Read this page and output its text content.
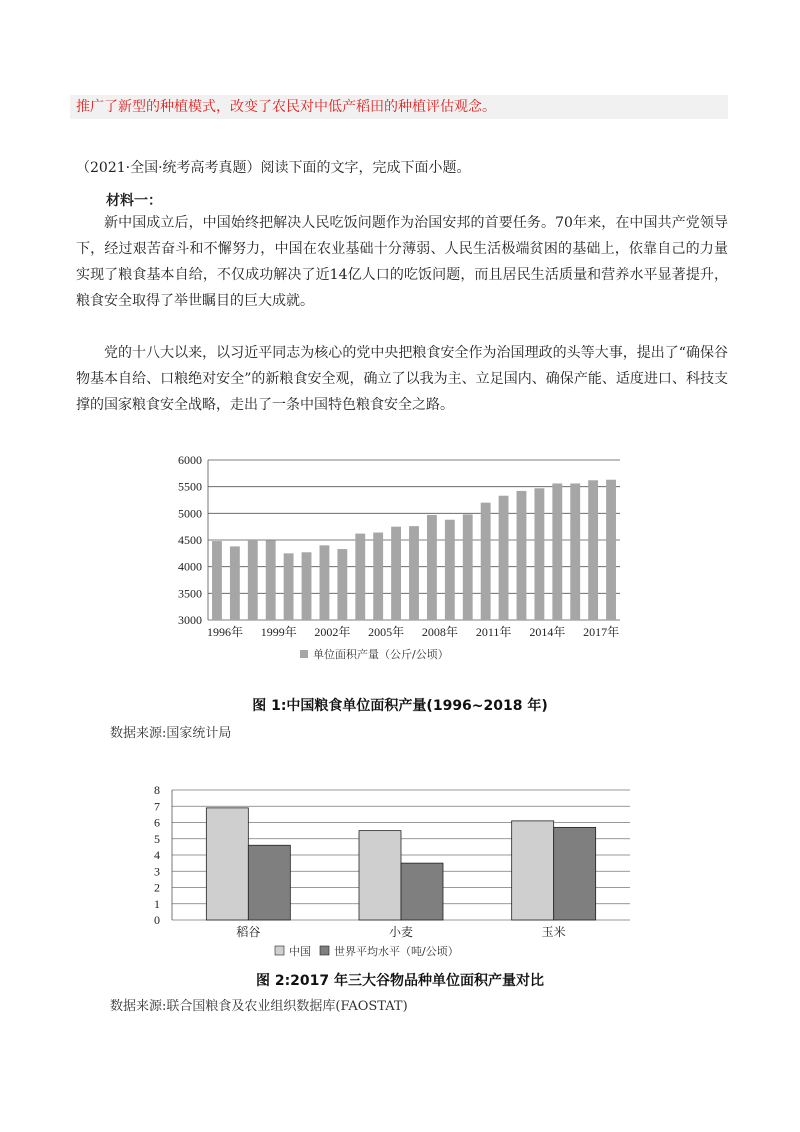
推广了新型的种植模式，改变了农民对中低产稻田的种植评估观念。
（2021·全国·统考高考真题）阅读下面的文字，完成下面小题。
材料一：
新中国成立后，中国始终把解决人民吃饭问题作为治国安邦的首要任务。70年来，在中国共产党领导下，经过艰苦奋斗和不懈努力，中国在农业基础十分薄弱、人民生活极端贫困的基础上，依靠自己的力量实现了粮食基本自给，不仅成功解决了近14亿人口的吃饭问题，而且居民生活质量和营养水平显著提升，粮食安全取得了举世瞩目的巨大成就。
党的十八大以来，以习近平同志为核心的党中央把粮食安全作为治国理政的头等大事，提出了“确保谷物基本自给、口粮绝对安全”的新粮食安全观，确立了以我为主、立足国内、确保产能、适度进口、科技支撑的国家粮食安全战略，走出了一条中国特色粮食安全之路。
3000
3500
4000
4500
5000
5500
6000
1996年 1999年 2002年 2005年 2008年 2011年 2014年 2017年
单位面积产量（公斤/公顷）
图 1:中国粮食单位面积产量(1996~2018 年)
数据来源:国家统计局
0
1
2
3
4
5
6
7
8
稻谷	小麦	玉米
中国 世界平均水平（吨/公顷）
图 2:2017 年三大谷物品种单位面积产量对比
数据来源:联合国粮食及农业组织数据库(FAOSTAT)
